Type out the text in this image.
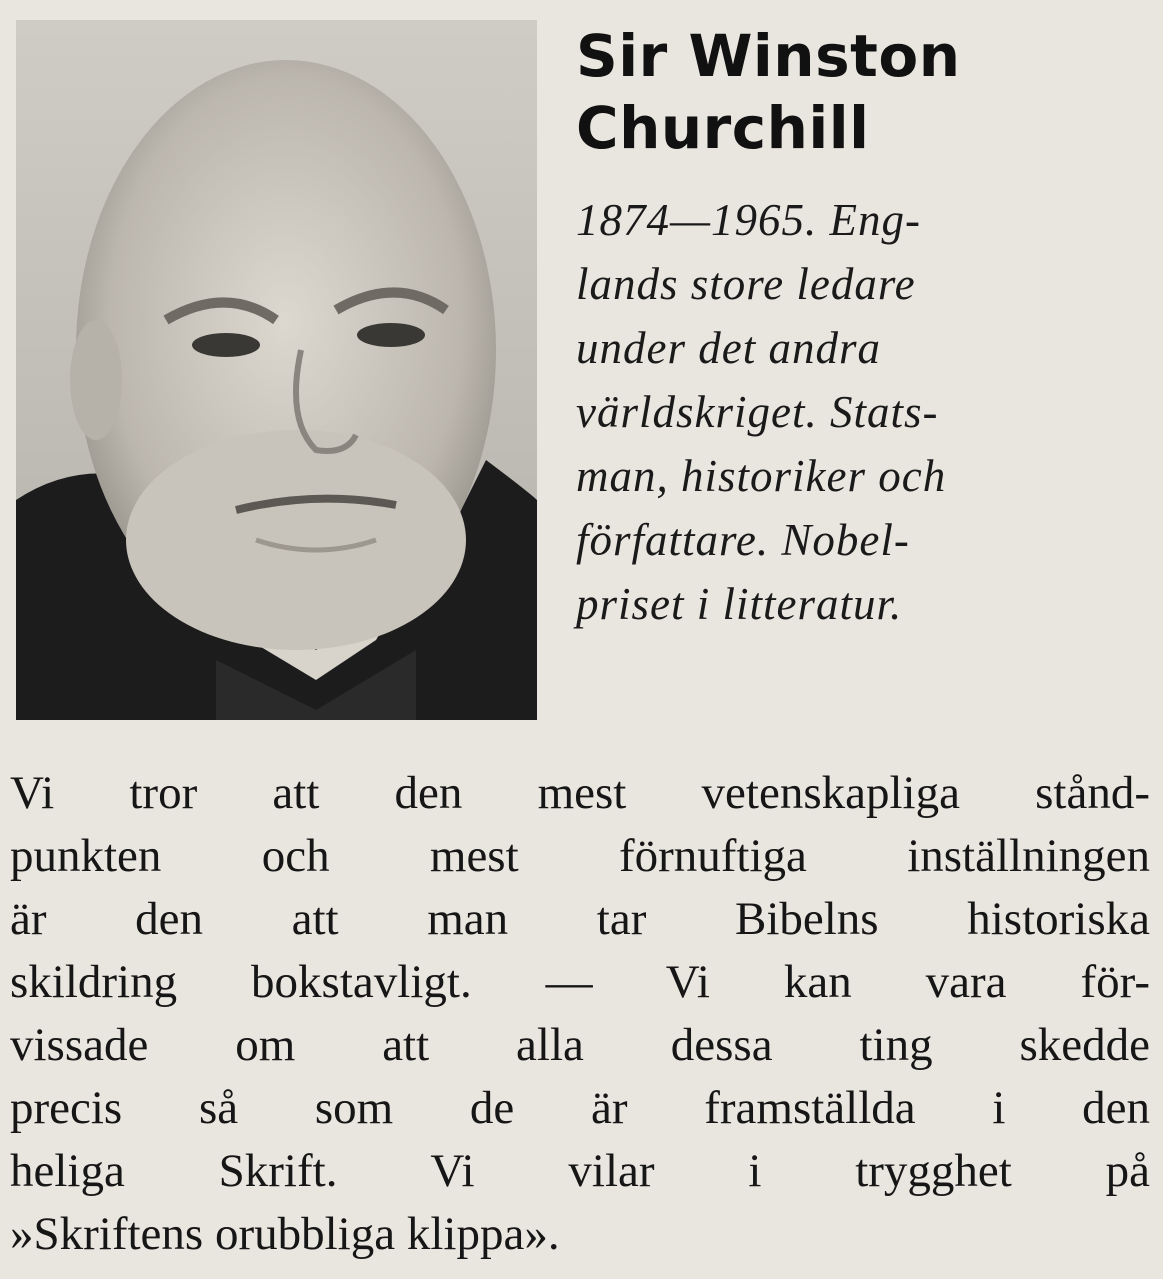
Sir Winston
Churchill
1874—1965. Eng-
lands store ledare
under det andra
världskriget. Stats-
man, historiker och
författare. Nobel-
priset i litteratur.
Vi tror att den mest vetenskapliga stånd-
punkten och mest förnuftiga inställningen
är den att man tar Bibelns historiska
skildring bokstavligt. — Vi kan vara för-
vissade om att alla dessa ting skedde
precis så som de är framställda i den
heliga Skrift. Vi vilar i trygghet på
»Skriftens orubbliga klippa».
